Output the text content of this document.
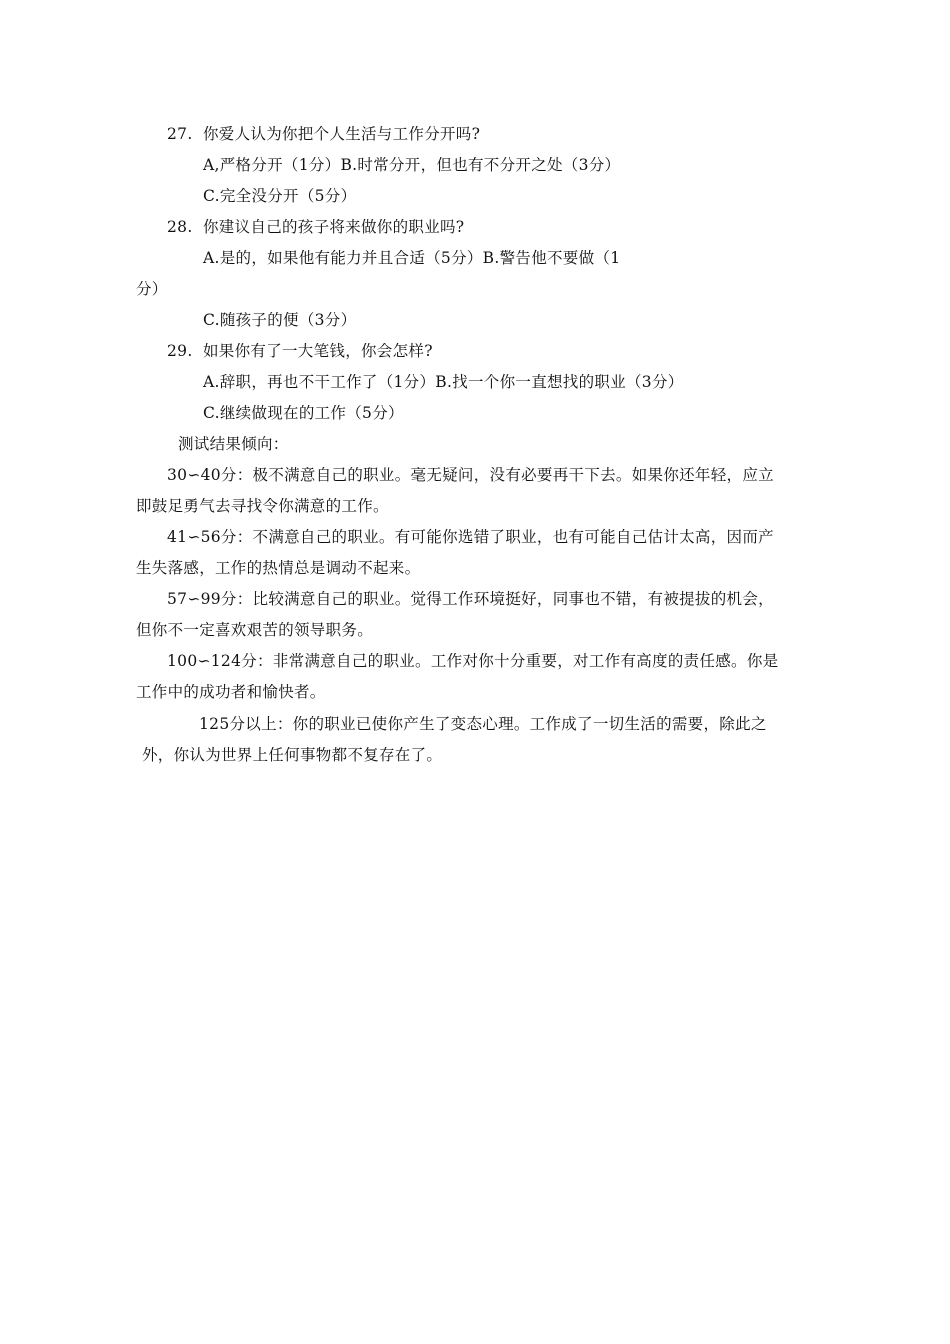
27. 你爱人认为你把个人生活与工作分开吗?
A,严格分开（1分）B.时常分开，但也有不分开之处（3分）
C.完全没分开（5分）
28. 你建议自己的孩子将来做你的职业吗?
A.是的，如果他有能力并且合适（5分）B.警告他不要做（1
分）
C.随孩子的便（3分）
29. 如果你有了一大笔钱，你会怎样?
A.辞职，再也不干工作了（1分）B.找一个你一直想找的职业（3分）
C.继续做现在的工作（5分）
测试结果倾向：
30∽40分：极不满意自己的职业。毫无疑问，没有必要再干下去。如果你还年轻，应立
即鼓足勇气去寻找令你满意的工作。
41∽56分：不满意自己的职业。有可能你选错了职业，也有可能自己估计太高，因而产
生失落感，工作的热情总是调动不起来。
57∽99分：比较满意自己的职业。觉得工作环境挺好，同事也不错，有被提拔的机会，
但你不一定喜欢艰苦的领导职务。
100∽124分：非常满意自己的职业。工作对你十分重要，对工作有高度的责任感。你是
工作中的成功者和愉快者。
125分以上：你的职业已使你产生了变态心理。工作成了一切生活的需要，除此之
外，你认为世界上任何事物都不复存在了。
